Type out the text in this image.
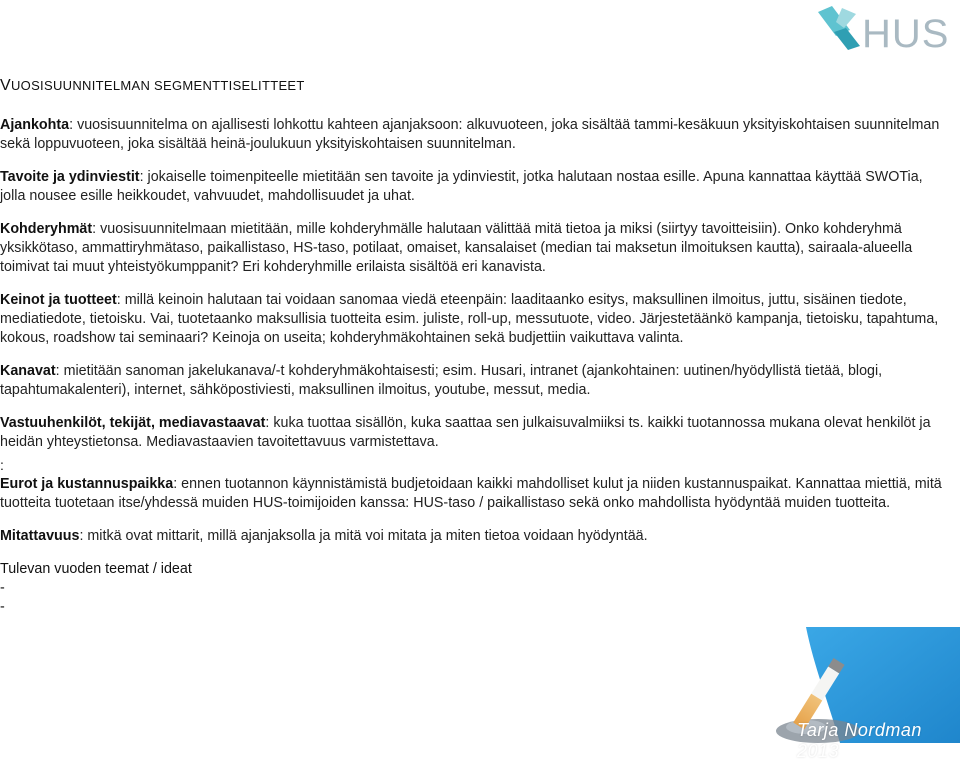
HUS
VUOSISUUNNITELMAN SEGMENTTISELITTEET

Ajankohta: vuosisuunnitelma on ajallisesti lohkottu kahteen ajanjaksoon: alkuvuoteen, joka sisältää tammi-kesäkuun yksityiskohtaisen suunnitelman sekä loppuvuoteen, joka sisältää heinä-joulukuun yksityiskohtaisen suunnitelman.

Tavoite ja ydinviestit: jokaiselle toimenpiteelle mietitään sen tavoite ja ydinviestit, jotka halutaan nostaa esille. Apuna kannattaa käyttää SWOTia, jolla nousee esille heikkoudet, vahvuudet, mahdollisuudet ja uhat.

Kohderyhmät: vuosisuunnitelmaan mietitään, mille kohderyhmälle halutaan välittää mitä tietoa ja miksi (siirtyy tavoitteisiin). Onko kohderyhmä yksikkötaso, ammattiryhmätaso, paikallistaso, HS-taso, potilaat, omaiset, kansalaiset (median tai maksetun ilmoituksen kautta), sairaala-alueella toimivat tai muut yhteistyökumppanit? Eri kohderyhmille erilaista sisältöä eri kanavista.

Keinot ja tuotteet: millä keinoin halutaan tai voidaan sanomaa viedä eteenpäin: laaditaanko esitys, maksullinen ilmoitus, juttu, sisäinen tiedote, mediatiedote, tietoisku. Vai, tuotetaanko maksullisia tuotteita esim. juliste, roll-up, messutuote, video. Järjestetäänkö kampanja, tietoisku, tapahtuma, kokous, roadshow tai seminaari? Keinoja on useita; kohderyhmäkohtainen sekä budjettiin vaikuttava valinta.

Kanavat: mietitään sanoman jakelukanava/-t kohderyhmäkohtaisesti; esim. Husari, intranet (ajankohtainen: uutinen/hyödyllistä tietää, blogi, tapahtumakalenteri), internet, sähköpostiviesti, maksullinen ilmoitus, youtube, messut, media.

Vastuuhenkilöt, tekijät, mediavastaavat: kuka tuottaa sisällön, kuka saattaa sen julkaisuvalmiiksi ts. kaikki tuotannossa mukana olevat henkilöt ja heidän yhteystietonsa. Mediavastaavien tavoitettavuus varmistettava.

:

Eurot ja kustannuspaikka: ennen tuotannon käynnistämistä budjetoidaan kaikki mahdolliset kulut ja niiden kustannuspaikat. Kannattaa miettiä, mitä tuotteita tuotetaan itse/yhdessä muiden HUS-toimijoiden kanssa: HUS-taso / paikallistaso sekä onko mahdollista hyödyntää muiden tuotteita.

Mitattavuus: mitkä ovat mittarit, millä ajanjaksolla ja mitä voi mitata ja miten tietoa voidaan hyödyntää.

Tulevan vuoden teemat / ideat

-

-

Tarja Nordman 2013
